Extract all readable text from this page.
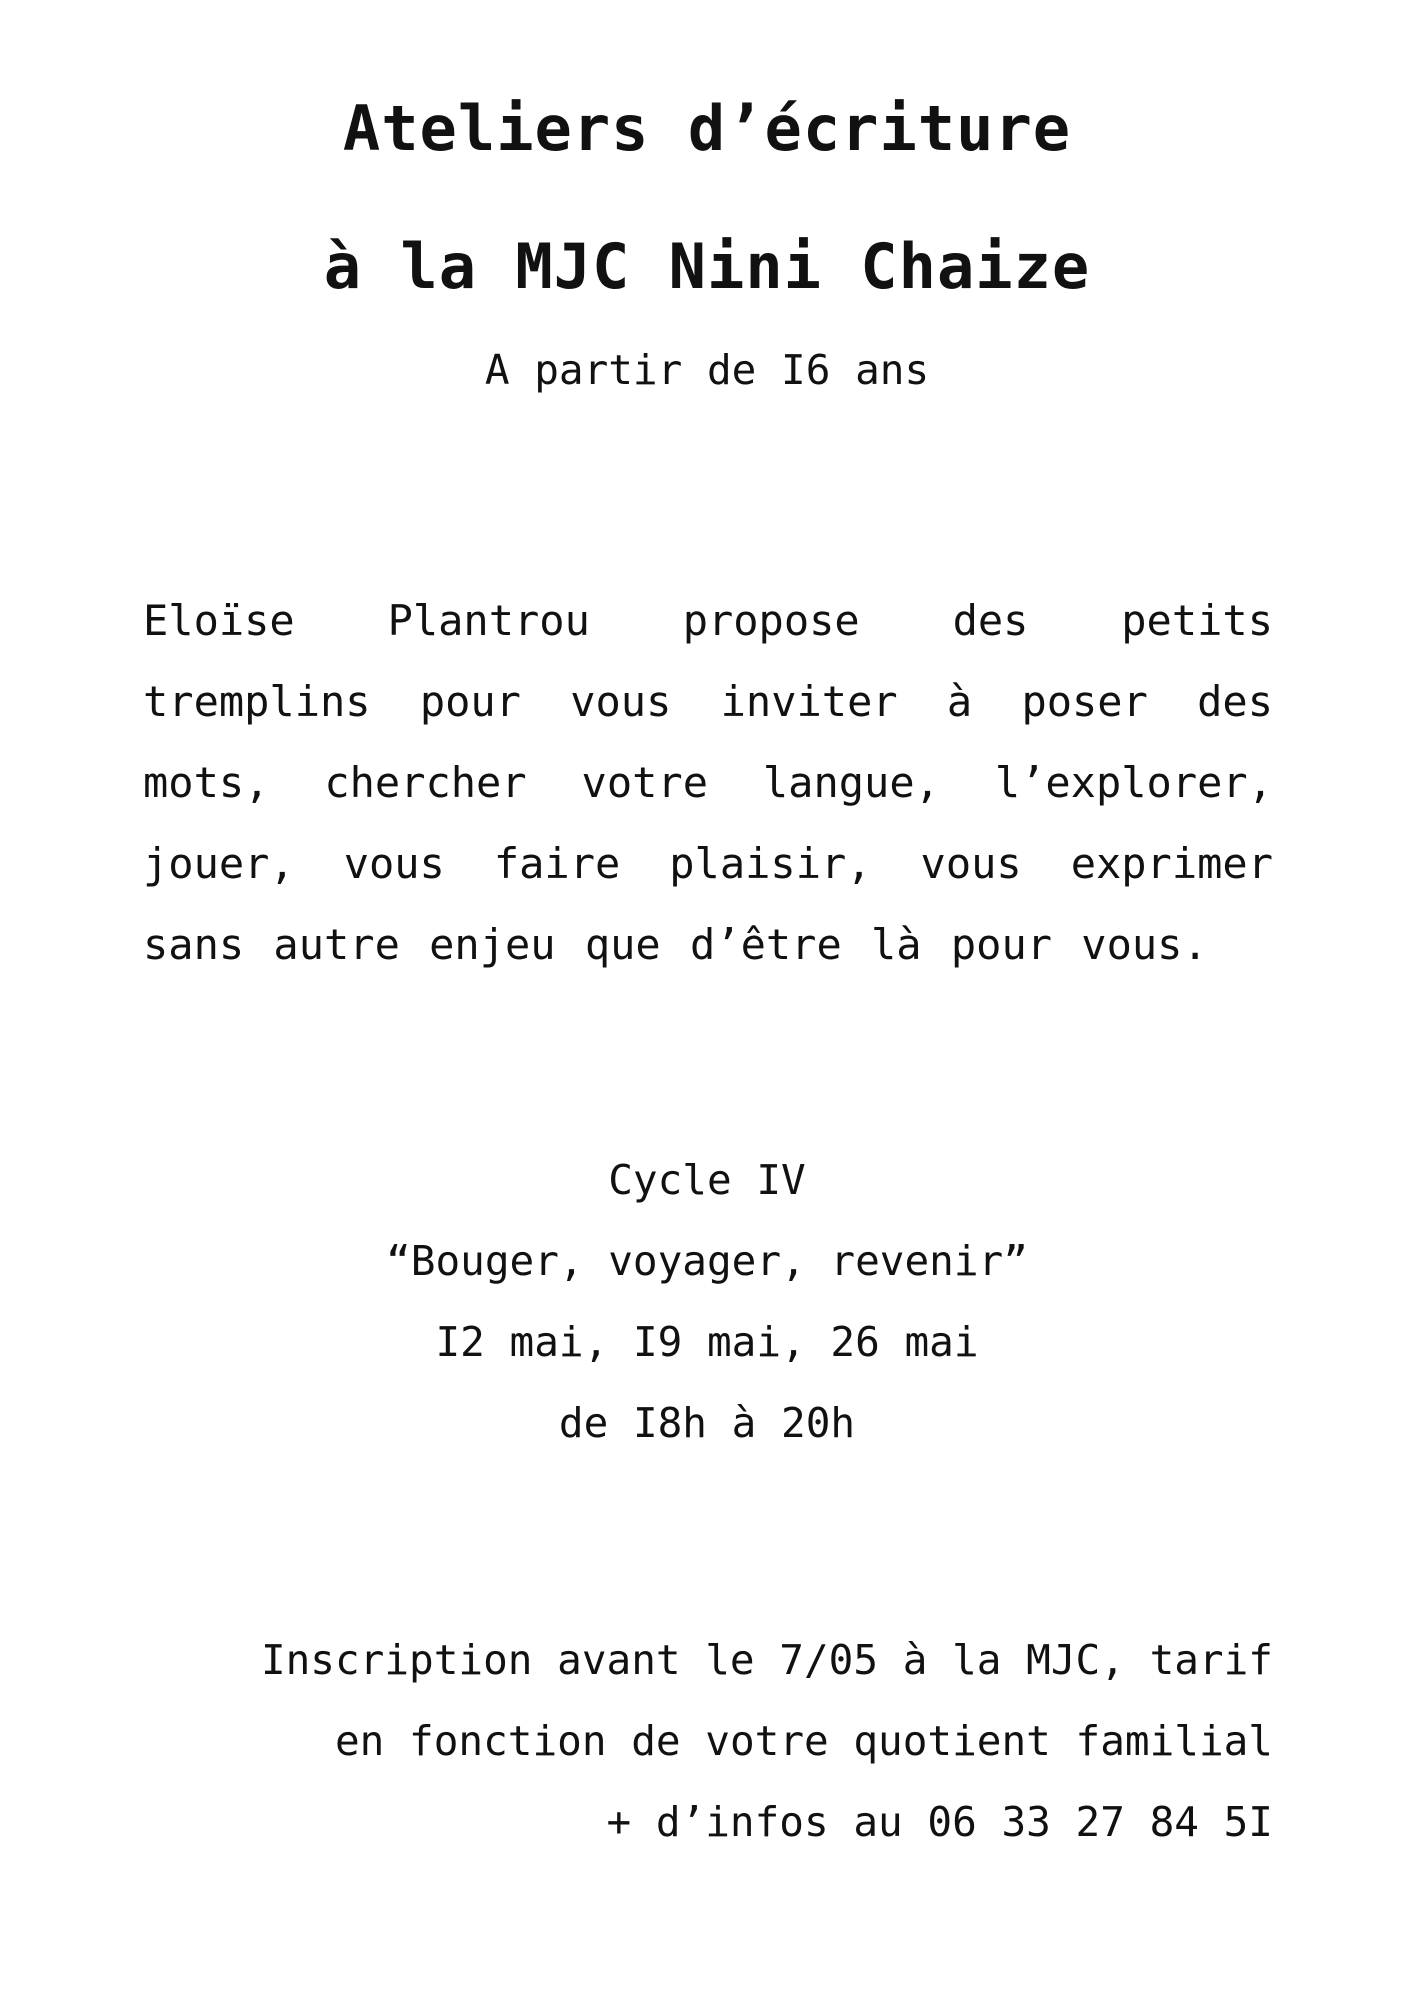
Ateliers d’écriture
à la MJC Nini Chaize
A partir de I6 ans
Eloïse Plantrou propose des petits
tremplins pour vous inviter à poser des
mots, chercher votre langue, l’explorer,
jouer, vous faire plaisir, vous exprimer
sans autre enjeu que d’être là pour vous.
Cycle IV
“Bouger, voyager, revenir”
I2 mai, I9 mai, 26 mai
de I8h à 20h
Inscription avant le 7/05 à la MJC, tarif
en fonction de votre quotient familial
+ d’infos au 06 33 27 84 5I
